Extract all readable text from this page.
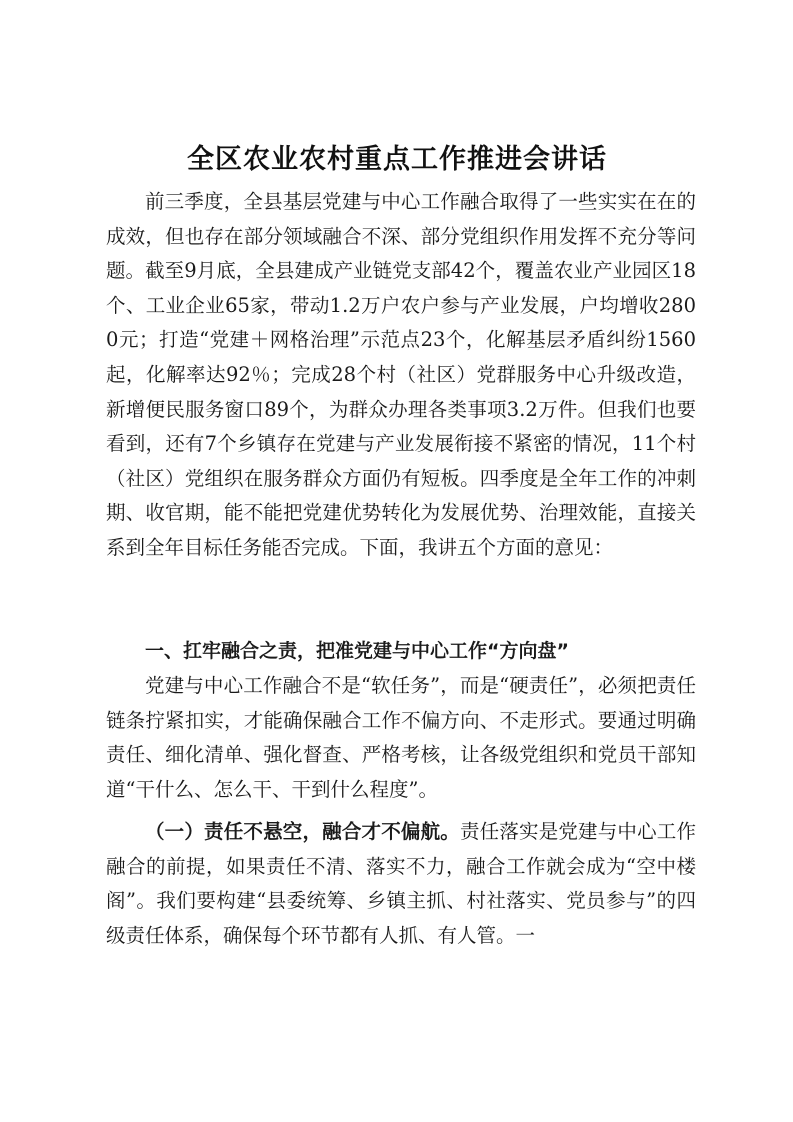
全区农业农村重点工作推进会讲话

前三季度，全县基层党建与中心工作融合取得了一些实实在在的成效，但也存在部分领域融合不深、部分党组织作用发挥不充分等问题。截至9月底，全县建成产业链党支部42个，覆盖农业产业园区18个、工业企业65家，带动1.2万户农户参与产业发展，户均增收2800元；打造“党建＋网格治理”示范点23个，化解基层矛盾纠纷1560起，化解率达92％；完成28个村（社区）党群服务中心升级改造，新增便民服务窗口89个，为群众办理各类事项3.2万件。但我们也要看到，还有7个乡镇存在党建与产业发展衔接不紧密的情况，11个村（社区）党组织在服务群众方面仍有短板。四季度是全年工作的冲刺期、收官期，能不能把党建优势转化为发展优势、治理效能，直接关系到全年目标任务能否完成。下面，我讲五个方面的意见：

一、扛牢融合之责，把准党建与中心工作“方向盘”

党建与中心工作融合不是“软任务”，而是“硬责任”，必须把责任链条拧紧扣实，才能确保融合工作不偏方向、不走形式。要通过明确责任、细化清单、强化督查、严格考核，让各级党组织和党员干部知道“干什么、怎么干、干到什么程度”。

（一）责任不悬空，融合才不偏航。责任落实是党建与中心工作融合的前提，如果责任不清、落实不力，融合工作就会成为“空中楼阁”。我们要构建“县委统筹、乡镇主抓、村社落实、党员参与”的四级责任体系，确保每个环节都有人抓、有人管。一
